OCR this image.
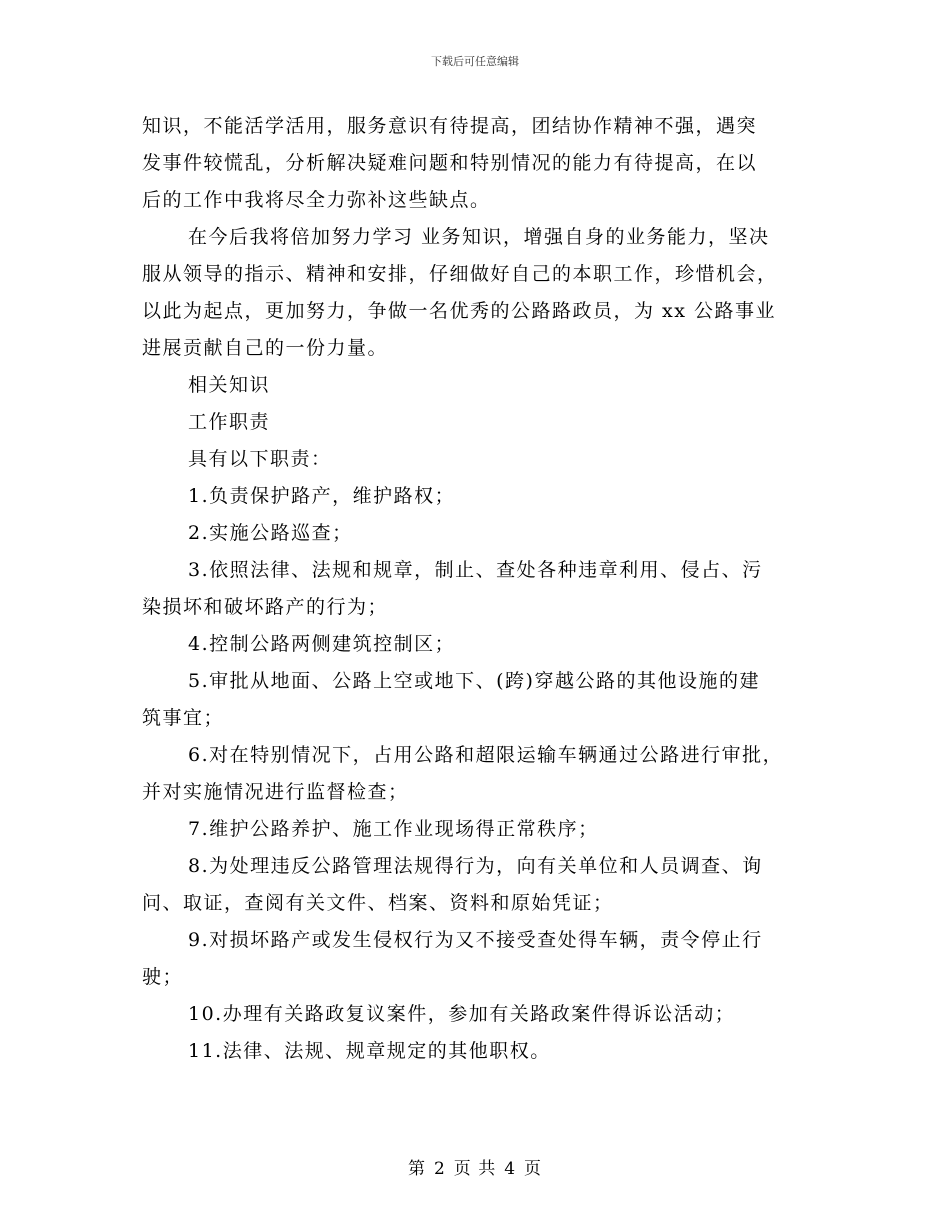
下载后可任意编辑
知识，不能活学活用，服务意识有待提高，团结协作精神不强，遇突
发事件较慌乱，分析解决疑难问题和特别情况的能力有待提高，在以
后的工作中我将尽全力弥补这些缺点。
在今后我将倍加努力学习 业务知识，增强自身的业务能力，坚决
服从领导的指示、精神和安排，仔细做好自己的本职工作，珍惜机会，
以此为起点，更加努力，争做一名优秀的公路路政员，为 xx 公路事业
进展贡献自己的一份力量。
相关知识
工作职责
具有以下职责：
1.负责保护路产，维护路权；
2.实施公路巡查；
3.依照法律、法规和规章，制止、查处各种违章利用、侵占、污
染损坏和破坏路产的行为；
4.控制公路两侧建筑控制区；
5.审批从地面、公路上空或地下、(跨)穿越公路的其他设施的建
筑事宜；
6.对在特别情况下，占用公路和超限运输车辆通过公路进行审批，
并对实施情况进行监督检查；
7.维护公路养护、施工作业现场得正常秩序；
8.为处理违反公路管理法规得行为，向有关单位和人员调查、询
问、取证，查阅有关文件、档案、资料和原始凭证；
9.对损坏路产或发生侵权行为又不接受查处得车辆，责令停止行
驶；
10.办理有关路政复议案件，参加有关路政案件得诉讼活动；
11.法律、法规、规章规定的其他职权。
第 2 页 共 4 页
